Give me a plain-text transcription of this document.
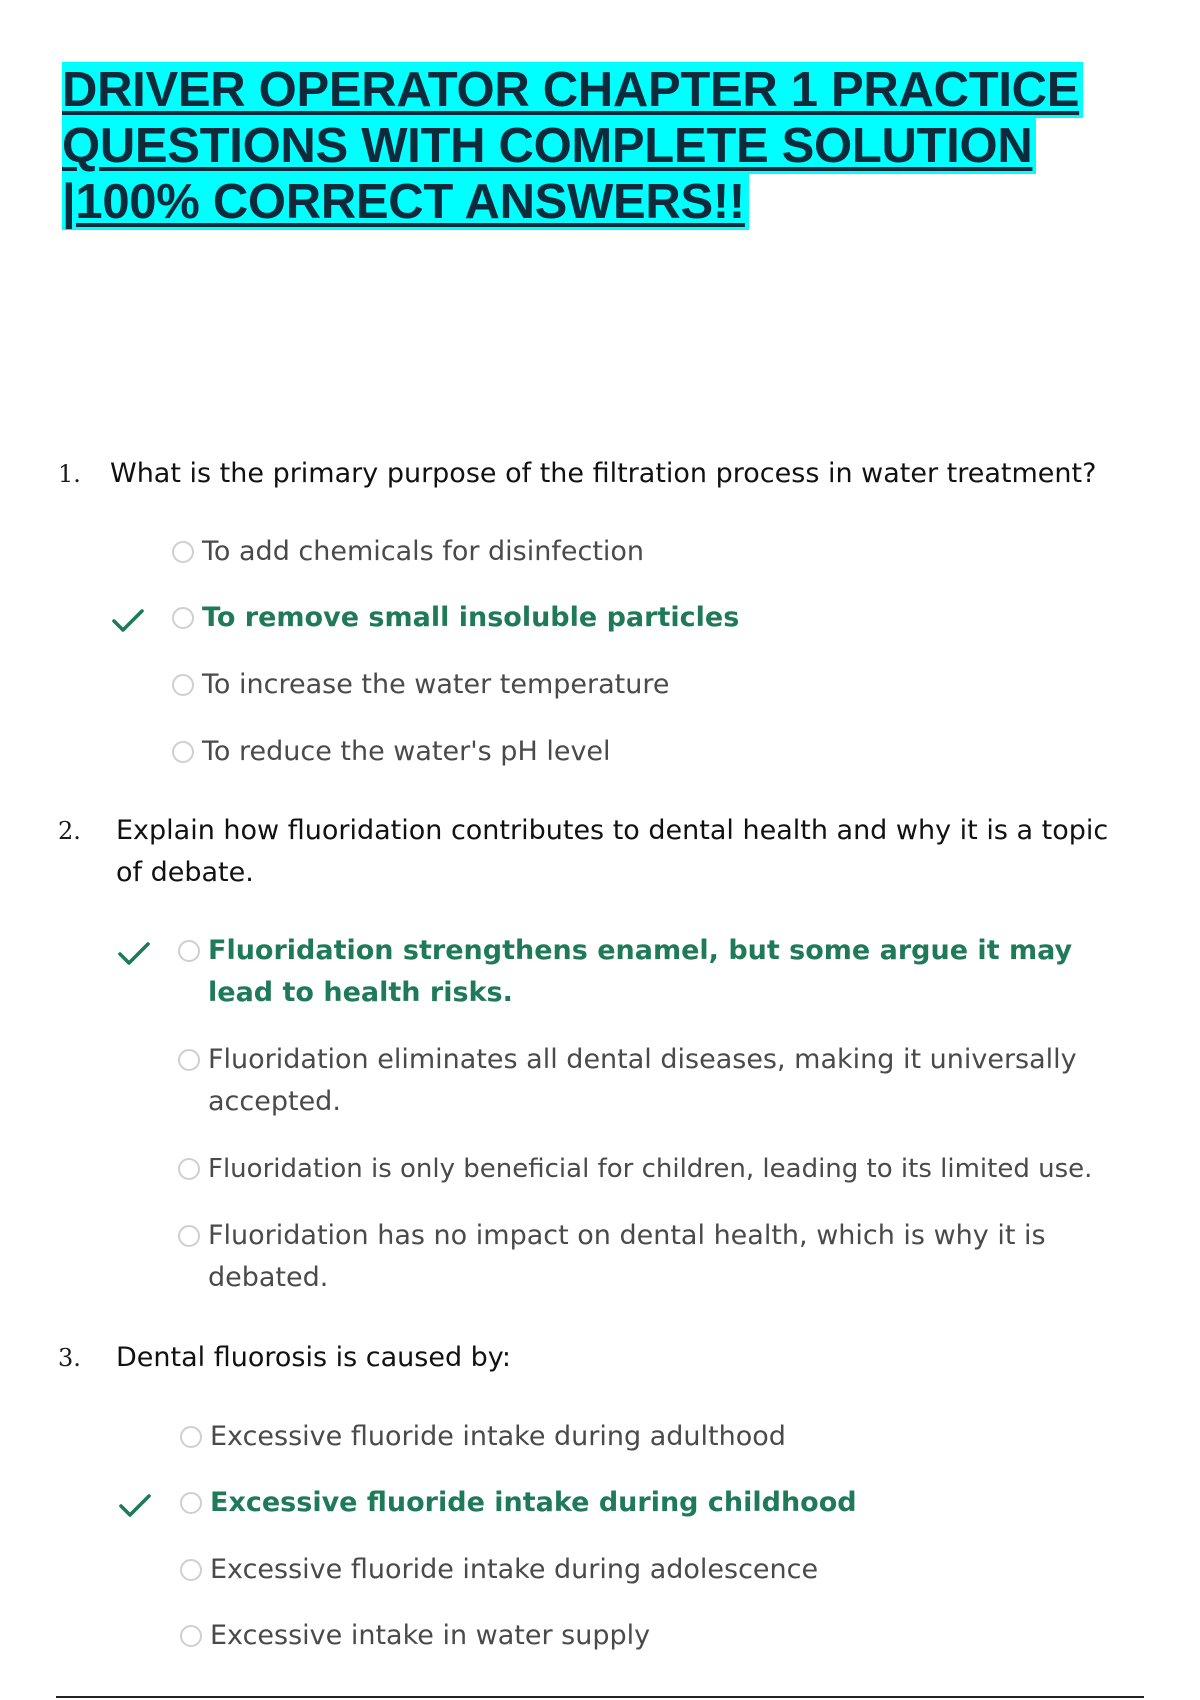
DRIVER OPERATOR CHAPTER 1 PRACTICE
QUESTIONS WITH COMPLETE SOLUTION
|100% CORRECT ANSWERS!!
1.	What is the primary purpose of the filtration process in water treatment?
To add chemicals for disinfection
To remove small insoluble particles
To increase the water temperature
To reduce the water's pH level
2.	Explain how fluoridation contributes to dental health and why it is a topic of debate.
Fluoridation strengthens enamel, but some argue it may lead to health risks.
Fluoridation eliminates all dental diseases, making it universally accepted.
Fluoridation is only beneficial for children, leading to its limited use.
Fluoridation has no impact on dental health, which is why it is debated.
3.	Dental fluorosis is caused by:
Excessive fluoride intake during adulthood
Excessive fluoride intake during childhood
Excessive fluoride intake during adolescence
Excessive intake in water supply
